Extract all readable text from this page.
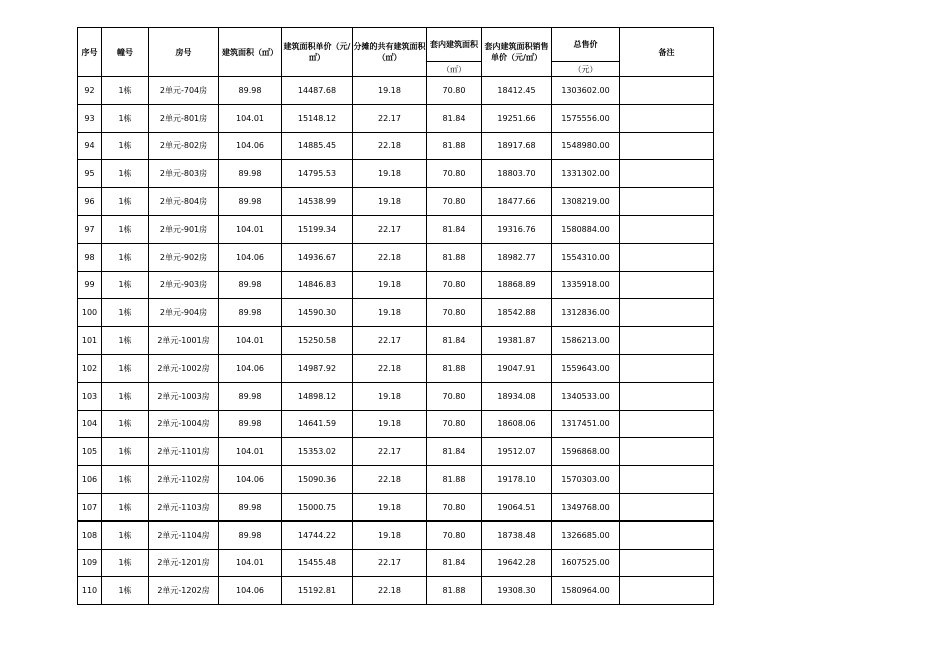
序号	幢号	房号	建筑面积（㎡）	建筑面积单价（元/㎡）	分摊的共有建筑面积（㎡）	套内建筑面积	套内建筑面积销售单价（元/㎡）	总售价	备注
						（㎡）		（元）	
92	1栋	2单元-704房	89.98	14487.68	19.18	70.80	18412.45	1303602.00	
93	1栋	2单元-801房	104.01	15148.12	22.17	81.84	19251.66	1575556.00	
94	1栋	2单元-802房	104.06	14885.45	22.18	81.88	18917.68	1548980.00	
95	1栋	2单元-803房	89.98	14795.53	19.18	70.80	18803.70	1331302.00	
96	1栋	2单元-804房	89.98	14538.99	19.18	70.80	18477.66	1308219.00	
97	1栋	2单元-901房	104.01	15199.34	22.17	81.84	19316.76	1580884.00	
98	1栋	2单元-902房	104.06	14936.67	22.18	81.88	18982.77	1554310.00	
99	1栋	2单元-903房	89.98	14846.83	19.18	70.80	18868.89	1335918.00	
100	1栋	2单元-904房	89.98	14590.30	19.18	70.80	18542.88	1312836.00	
101	1栋	2单元-1001房	104.01	15250.58	22.17	81.84	19381.87	1586213.00	
102	1栋	2单元-1002房	104.06	14987.92	22.18	81.88	19047.91	1559643.00	
103	1栋	2单元-1003房	89.98	14898.12	19.18	70.80	18934.08	1340533.00	
104	1栋	2单元-1004房	89.98	14641.59	19.18	70.80	18608.06	1317451.00	
105	1栋	2单元-1101房	104.01	15353.02	22.17	81.84	19512.07	1596868.00	
106	1栋	2单元-1102房	104.06	15090.36	22.18	81.88	19178.10	1570303.00	
107	1栋	2单元-1103房	89.98	15000.75	19.18	70.80	19064.51	1349768.00	
108	1栋	2单元-1104房	89.98	14744.22	19.18	70.80	18738.48	1326685.00	
109	1栋	2单元-1201房	104.01	15455.48	22.17	81.84	19642.28	1607525.00	
110	1栋	2单元-1202房	104.06	15192.81	22.18	81.88	19308.30	1580964.00	
